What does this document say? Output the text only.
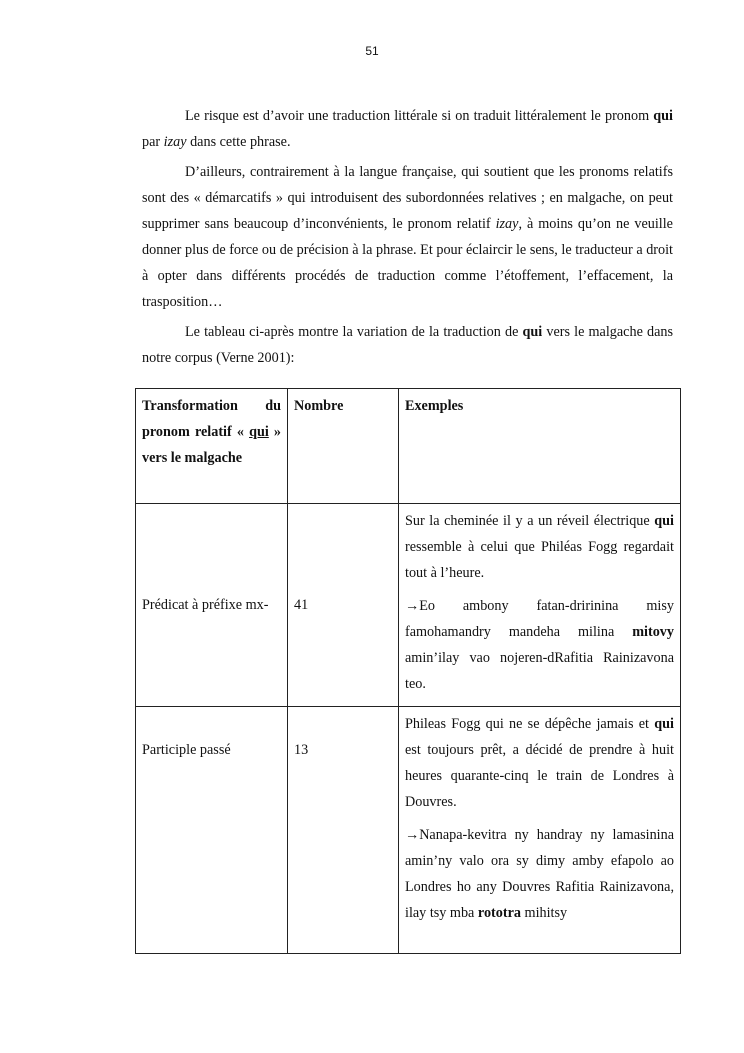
51

Le risque est d’avoir une traduction littérale si on traduit littéralement le pronom qui par izay dans cette phrase.

D’ailleurs, contrairement à la langue française, qui soutient que les pronoms relatifs sont des « démarcatifs » qui introduisent des subordonnées relatives ; en malgache, on peut supprimer sans beaucoup d’inconvénients, le pronom relatif izay, à moins qu’on ne veuille donner plus de force ou de précision à la phrase. Et pour éclaircir le sens, le traducteur a droit à opter dans différents procédés de traduction comme l’étoffement, l’effacement, la trasposition…

Le tableau ci-après montre la variation de la traduction de qui vers le malgache dans notre corpus (Verne 2001):

Transformation du pronom relatif « qui » vers le malgache	Nombre	Exemples
Prédicat à préfixe mx-	41	Sur la cheminée il y a un réveil électrique qui ressemble à celui que Philéas Fogg regardait tout à l’heure.

→Eo ambony fatan-dririnina misy famohamandry mandeha milina mitovy amin’ilay vao nojeren-dRafitia Rainizavona teo.

Participle passé	13	Phileas Fogg qui ne se dépêche jamais et qui est toujours prêt, a décidé de prendre à huit heures quarante-cinq le train de Londres à Douvres.

→Nanapa-kevitra ny handray ny lamasinina amin’ny valo ora sy dimy amby efapolo ao Londres ho any Douvres Rafitia Rainizavona, ilay tsy mba rototra mihitsy
